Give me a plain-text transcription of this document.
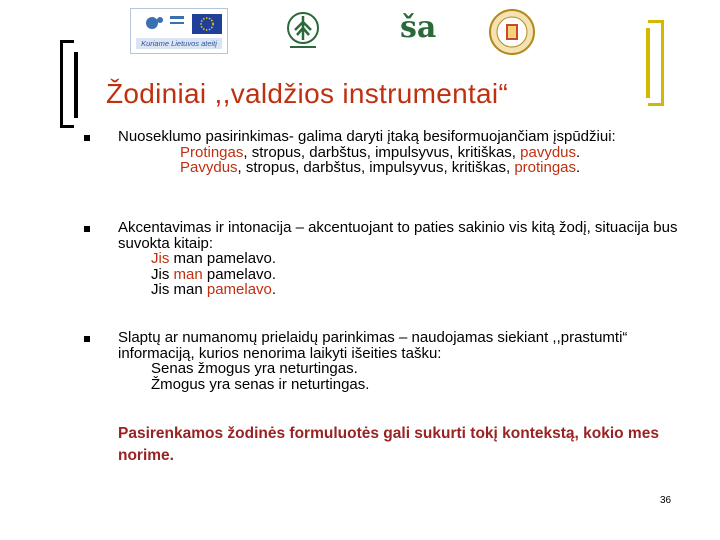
Kuriame Lietuvos ateitį	ša
Žodiniai ,,valdžios instrumentai“
Nuoseklumo pasirinkimas- galima daryti įtaką besiformuojančiam įspūdžiui:
Protingas, stropus, darbštus, impulsyvus, kritiškas, pavydus.
Pavydus, stropus, darbštus, impulsyvus, kritiškas, protingas.
Akcentavimas ir intonacija – akcentuojant to paties sakinio vis kitą žodį, situacija bus suvokta kitaip:
Jis man pamelavo.
Jis man pamelavo.
Jis man pamelavo.
Slaptų ar numanomų prielaidų parinkimas – naudojamas siekiant ,,prastumti“ informaciją, kurios nenorima laikyti išeities tašku:
Senas žmogus yra neturtingas.
Žmogus yra senas ir neturtingas.
Pasirenkamos žodinės formuluotės gali sukurti tokį kontekstą, kokio mes norime.
36
